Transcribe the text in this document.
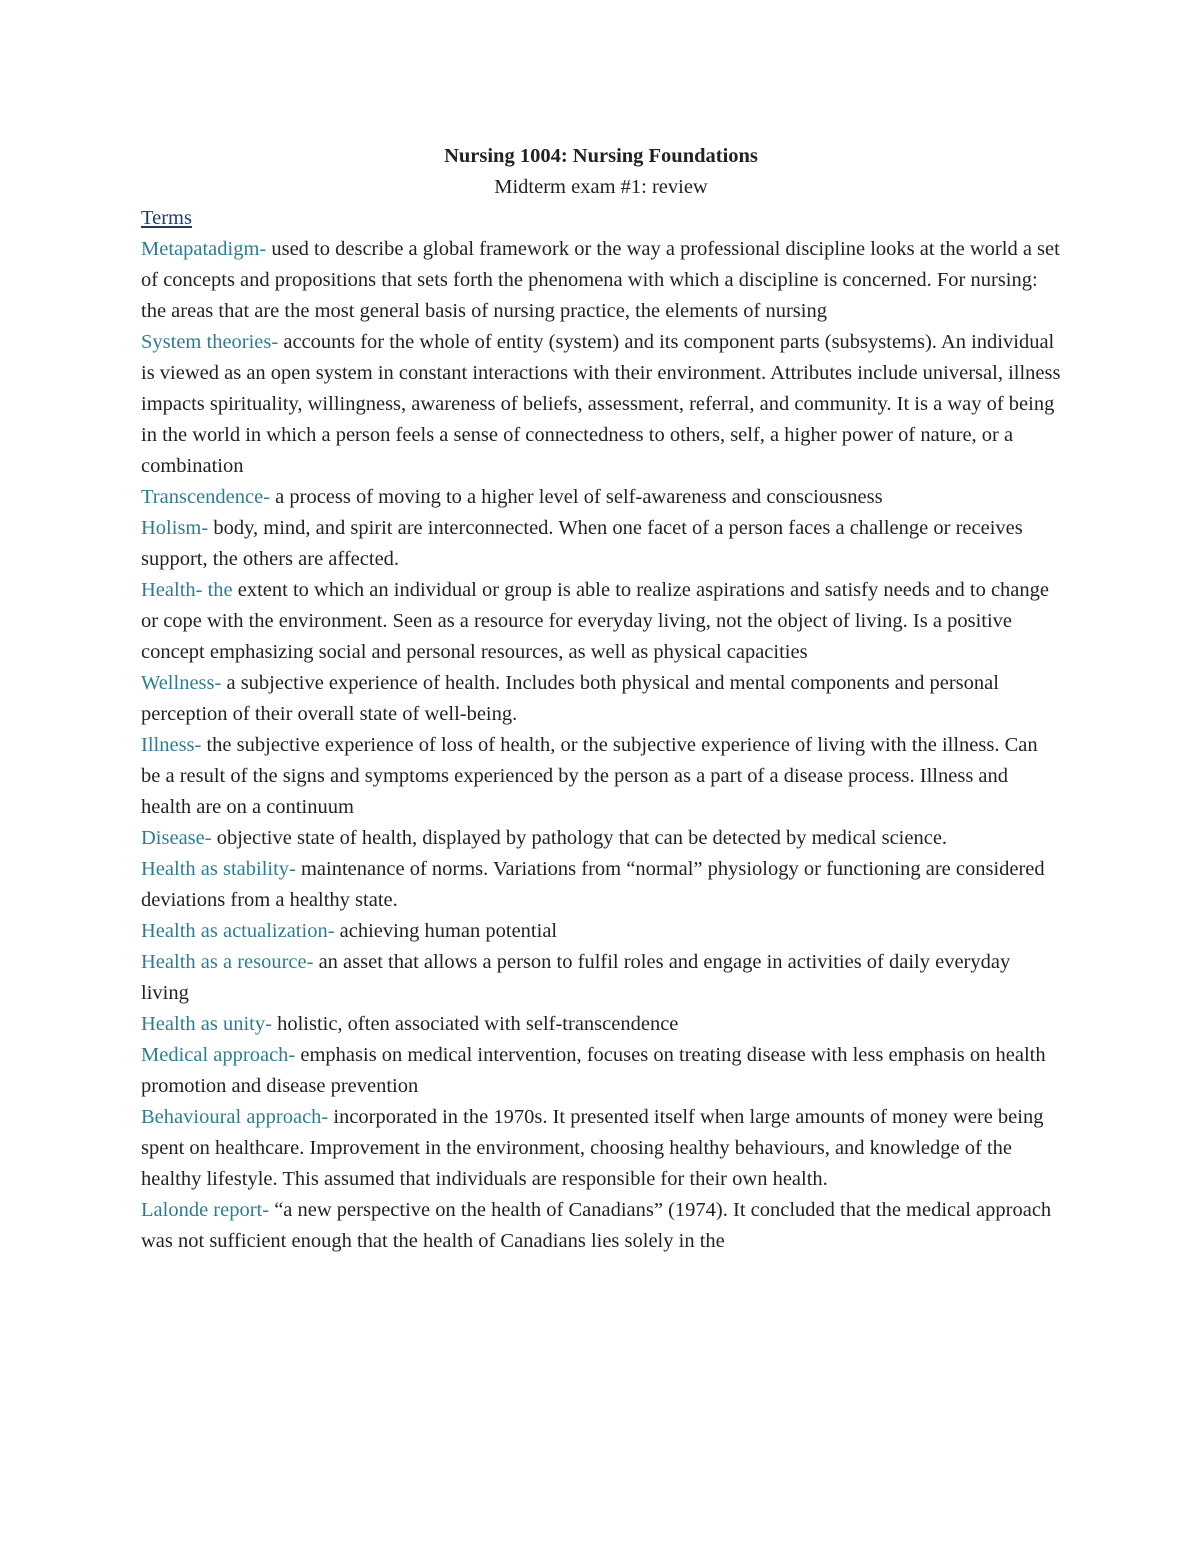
Nursing 1004: Nursing Foundations

Midterm exam #1: review

Terms

Metapatadigm- used to describe a global framework or the way a professional discipline looks at the world a set of concepts and propositions that sets forth the phenomena with which a discipline is concerned. For nursing: the areas that are the most general basis of nursing practice, the elements of nursing

System theories- accounts for the whole of entity (system) and its component parts (subsystems). An individual is viewed as an open system in constant interactions with their environment. Attributes include universal, illness impacts spirituality, willingness, awareness of beliefs, assessment, referral, and community. It is a way of being in the world in which a person feels a sense of connectedness to others, self, a higher power of nature, or a combination

Transcendence- a process of moving to a higher level of self-awareness and consciousness

Holism- body, mind, and spirit are interconnected. When one facet of a person faces a challenge or receives support, the others are affected.

Health- the extent to which an individual or group is able to realize aspirations and satisfy needs and to change or cope with the environment. Seen as a resource for everyday living, not the object of living. Is a positive concept emphasizing social and personal resources, as well as physical capacities

Wellness- a subjective experience of health. Includes both physical and mental components and personal perception of their overall state of well-being.

Illness- the subjective experience of loss of health, or the subjective experience of living with the illness. Can be a result of the signs and symptoms experienced by the person as a part of a disease process. Illness and health are on a continuum

Disease- objective state of health, displayed by pathology that can be detected by medical science.

Health as stability- maintenance of norms. Variations from “normal” physiology or functioning are considered deviations from a healthy state.

Health as actualization- achieving human potential

Health as a resource- an asset that allows a person to fulfil roles and engage in activities of daily everyday living

Health as unity- holistic, often associated with self-transcendence

Medical approach- emphasis on medical intervention, focuses on treating disease with less emphasis on health promotion and disease prevention

Behavioural approach- incorporated in the 1970s. It presented itself when large amounts of money were being spent on healthcare. Improvement in the environment, choosing healthy behaviours, and knowledge of the healthy lifestyle. This assumed that individuals are responsible for their own health.

Lalonde report- “a new perspective on the health of Canadians” (1974). It concluded that the medical approach was not sufficient enough that the health of Canadians lies solely in the
